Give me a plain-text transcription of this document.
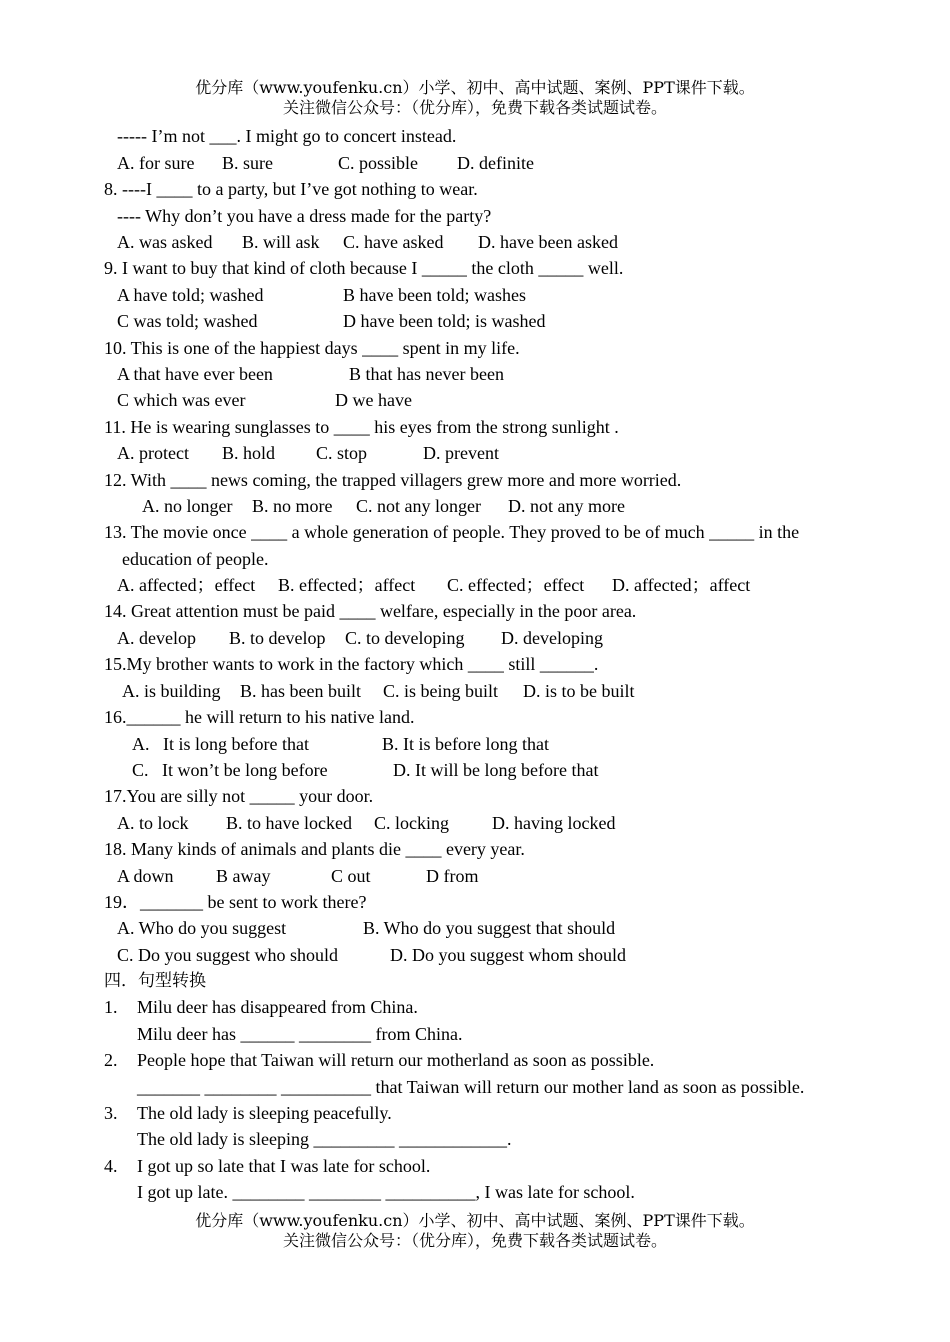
优分库（www.youfenku.cn）小学、初中、高中试题、案例、PPT课件下载。
关注微信公众号：（优分库），免费下载各类试题试卷。
----- I’m not ___. I might go to concert instead.
A. for sure B. sure	C. possible D. definite
8. ----I ____ to a party, but I’ve got nothing to wear.
---- Why don’t you have a dress made for the party?
A. was asked B. will ask C. have asked D. have been asked
9. I want to buy that kind of cloth because I _____ the cloth _____ well.
A have told; washed	B have been told; washes
C was told; washed	D have been told; is washed
10. This is one of the happiest days ____ spent in my life.
A that have ever been	B that has never been
C which was ever	D we have
11. He is wearing sunglasses to ____ his eyes from the strong sunlight .
A. protect B. hold C. stop	D. prevent
12. With ____ news coming, the trapped villagers grew more and more worried.
A. no longer B. no more C. not any longer D. not any more
13. The movie once ____ a whole generation of people. They proved to be of much _____ in the
education of people.
A. affected；effect B. effected；affect C. effected；effect D. affected；affect
14. Great attention must be paid ____ welfare, especially in the poor area.
A. develop B. to develop C. to developing D. developing
15.My brother wants to work in the factory which ____ still ______.
A. is building B. has been built C. is being built D. is to be built
16.______ he will return to his native land.
A.   It is long before that	B. It is before long that
C.   It won’t be long before	D. It will be long before that
17.You are silly not _____ your door.
A. to lock B. to have locked C. locking D. having locked
18. Many kinds of animals and plants die ____ every year.
A down B away	C out	D from
19．_______ be sent to work there?
A. Who do you suggest	B. Who do you suggest that should
C. Do you suggest who should	D. Do you suggest whom should
四．句型转换
1. Milu deer has disappeared from China.
Milu deer has ______ ________ from China.
2. People hope that Taiwan will return our motherland as soon as possible.
_______ ________ __________ that Taiwan will return our mother land as soon as possible.
3. The old lady is sleeping peacefully.
The old lady is sleeping _________ ____________.
4. I got up so late that I was late for school.
I got up late. ________ ________ __________, I was late for school.
优分库（www.youfenku.cn）小学、初中、高中试题、案例、PPT课件下载。
关注微信公众号：（优分库），免费下载各类试题试卷。
